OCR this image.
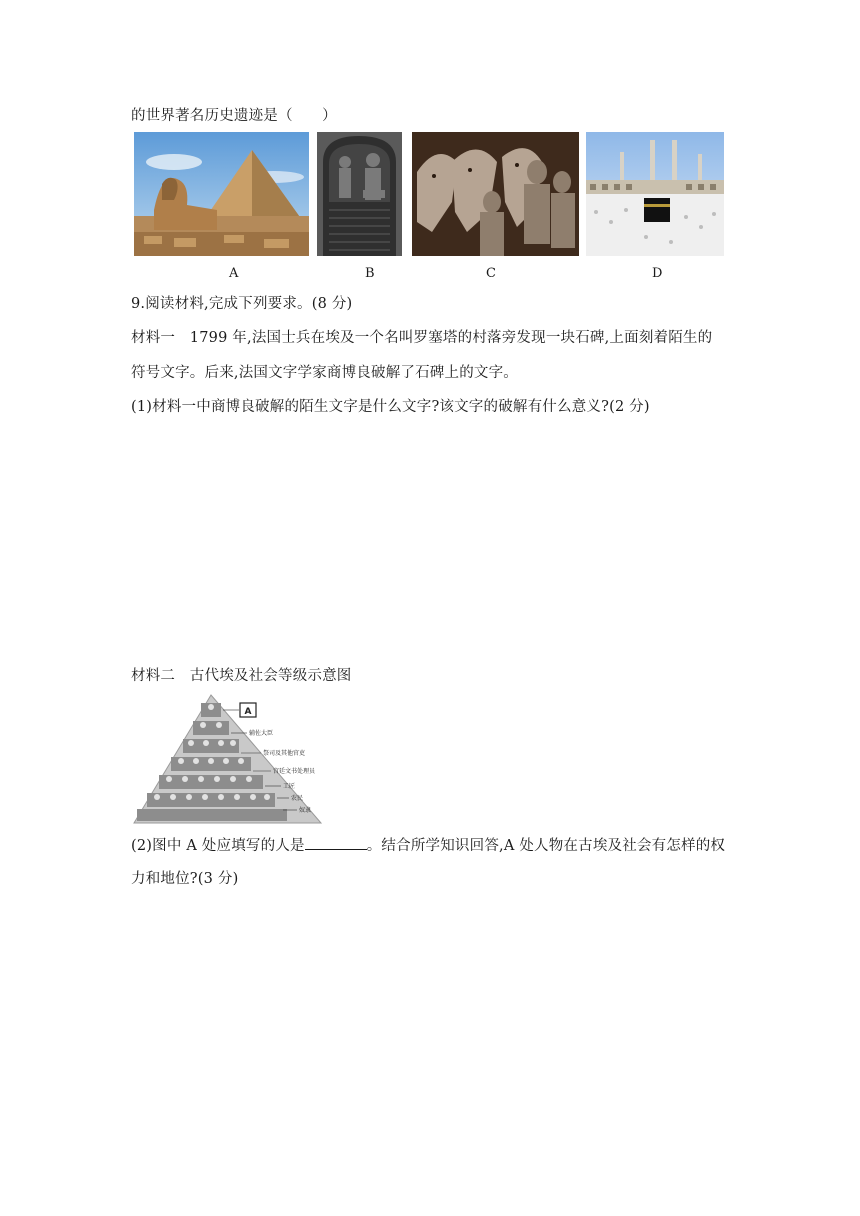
的世界著名历史遗迹是（　　）
A	B	C	D
9.阅读材料,完成下列要求。(8 分)
材料一　1799 年,法国士兵在埃及一个名叫罗塞塔的村落旁发现一块石碑,上面刻着陌生的
符号文字。后来,法国文字学家商博良破解了石碑上的文字。
(1)材料一中商博良破解的陌生文字是什么文字?该文字的破解有什么意义?(2 分)
材料二　古代埃及社会等级示意图
A
辅佐大臣
祭司及其他官吏
宫廷文书处理员
工匠
农民
奴隶
(2)图中 A 处应填写的人是	。结合所学知识回答,A 处人物在古埃及社会有怎样的权
力和地位?(3 分)
